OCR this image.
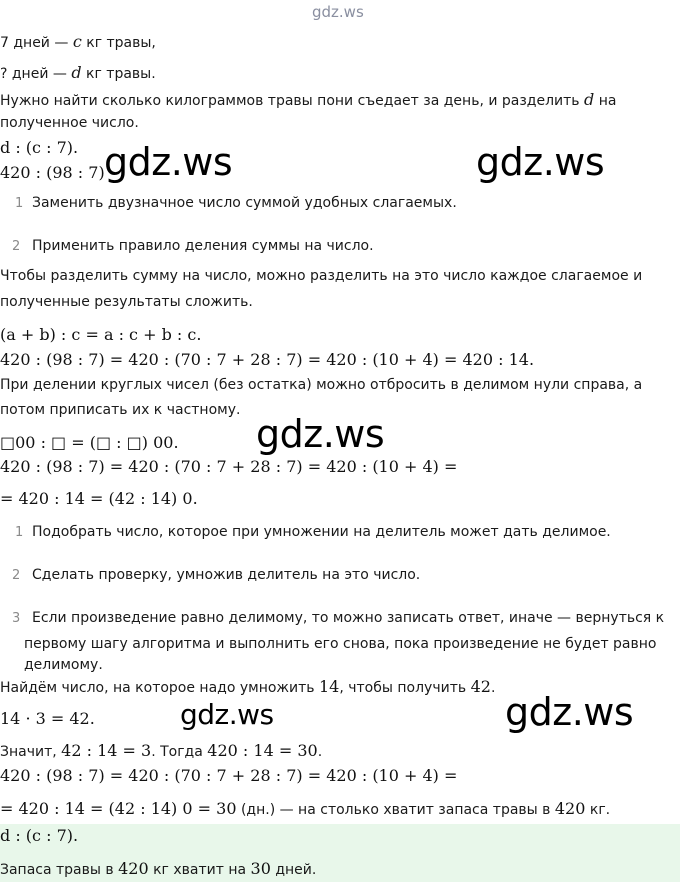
gdz.ws
7 дней — c кг травы,
? дней — d кг травы.
Нужно найти сколько килограммов травы пони съедает за день, и разделить d на
полученное число.
d : (c : 7).
420 : (98 : 7)
1 Заменить двузначное число суммой удобных слагаемых.
2 Применить правило деления суммы на число.
Чтобы разделить сумму на число, можно разделить на это число каждое слагаемое и
полученные результаты сложить.
(a + b) : c = a : c + b : c.
420 : (98 : 7) = 420 : (70 : 7 + 28 : 7) = 420 : (10 + 4) = 420 : 14.
При делении круглых чисел (без остатка) можно отбросить в делимом нули справа, а
потом приписать их к частному.
□00 : □ = (□ : □) 00.
420 : (98 : 7) = 420 : (70 : 7 + 28 : 7) = 420 : (10 + 4) =
= 420 : 14 = (42 : 14) 0.
1 Подобрать число, которое при умножении на делитель может дать делимое.
2 Сделать проверку, умножив делитель на это число.
3 Если произведение равно делимому, то можно записать ответ, иначе — вернуться к
первому шагу алгоритма и выполнить его снова, пока произведение не будет равно
делимому.
Найдём число, на которое надо умножить 14, чтобы получить 42.
14 · 3 = 42.
Значит, 42 : 14 = 3. Тогда 420 : 14 = 30.
420 : (98 : 7) = 420 : (70 : 7 + 28 : 7) = 420 : (10 + 4) =
= 420 : 14 = (42 : 14) 0 = 30 (дн.) — на столько хватит запаса травы в 420 кг.
d : (c : 7).
Запаса травы в 420 кг хватит на 30 дней.
gdz.ws	gdz.ws
gdz.ws
gdz.ws	gdz.ws
